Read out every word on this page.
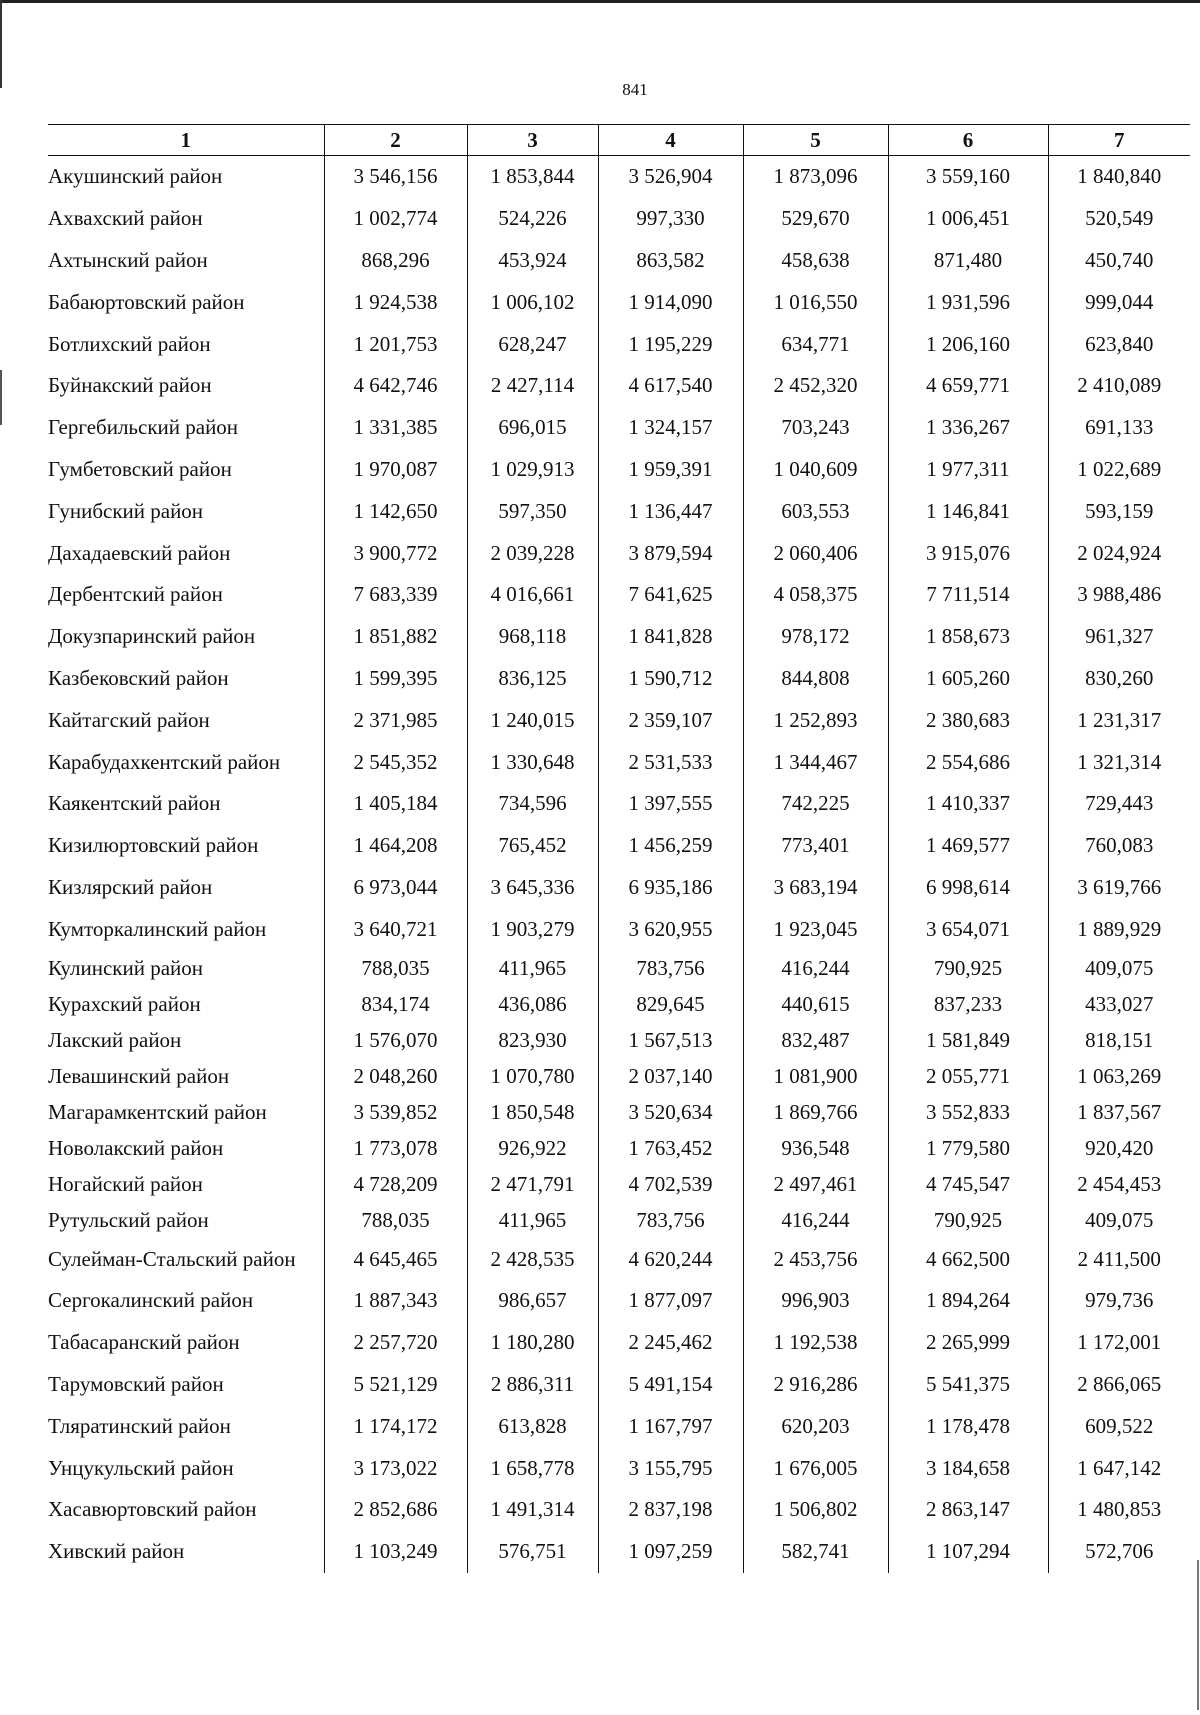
841
1	2	3	4	5	6	7
Акушинский район	3 546,156	1 853,844	3 526,904	1 873,096	3 559,160	1 840,840
Ахвахский район	1 002,774	524,226	997,330	529,670	1 006,451	520,549
Ахтынский район	868,296	453,924	863,582	458,638	871,480	450,740
Бабаюртовский район	1 924,538	1 006,102	1 914,090	1 016,550	1 931,596	999,044
Ботлихский район	1 201,753	628,247	1 195,229	634,771	1 206,160	623,840
Буйнакский район	4 642,746	2 427,114	4 617,540	2 452,320	4 659,771	2 410,089
Гергебильский район	1 331,385	696,015	1 324,157	703,243	1 336,267	691,133
Гумбетовский район	1 970,087	1 029,913	1 959,391	1 040,609	1 977,311	1 022,689
Гунибский район	1 142,650	597,350	1 136,447	603,553	1 146,841	593,159
Дахадаевский район	3 900,772	2 039,228	3 879,594	2 060,406	3 915,076	2 024,924
Дербентский район	7 683,339	4 016,661	7 641,625	4 058,375	7 711,514	3 988,486
Докузпаринский район	1 851,882	968,118	1 841,828	978,172	1 858,673	961,327
Казбековский район	1 599,395	836,125	1 590,712	844,808	1 605,260	830,260
Кайтагский район	2 371,985	1 240,015	2 359,107	1 252,893	2 380,683	1 231,317
Карабудахкентский район	2 545,352	1 330,648	2 531,533	1 344,467	2 554,686	1 321,314
Каякентский район	1 405,184	734,596	1 397,555	742,225	1 410,337	729,443
Кизилюртовский район	1 464,208	765,452	1 456,259	773,401	1 469,577	760,083
Кизлярский район	6 973,044	3 645,336	6 935,186	3 683,194	6 998,614	3 619,766
Кумторкалинский район	3 640,721	1 903,279	3 620,955	1 923,045	3 654,071	1 889,929
Кулинский район	788,035	411,965	783,756	416,244	790,925	409,075
Курахский район	834,174	436,086	829,645	440,615	837,233	433,027
Лакский район	1 576,070	823,930	1 567,513	832,487	1 581,849	818,151
Левашинский район	2 048,260	1 070,780	2 037,140	1 081,900	2 055,771	1 063,269
Магарамкентский район	3 539,852	1 850,548	3 520,634	1 869,766	3 552,833	1 837,567
Новолакский район	1 773,078	926,922	1 763,452	936,548	1 779,580	920,420
Ногайский район	4 728,209	2 471,791	4 702,539	2 497,461	4 745,547	2 454,453
Рутульский район	788,035	411,965	783,756	416,244	790,925	409,075
Сулейман-Стальский район	4 645,465	2 428,535	4 620,244	2 453,756	4 662,500	2 411,500
Сергокалинский район	1 887,343	986,657	1 877,097	996,903	1 894,264	979,736
Табасаранский район	2 257,720	1 180,280	2 245,462	1 192,538	2 265,999	1 172,001
Тарумовский район	5 521,129	2 886,311	5 491,154	2 916,286	5 541,375	2 866,065
Тляратинский район	1 174,172	613,828	1 167,797	620,203	1 178,478	609,522
Унцукульский район	3 173,022	1 658,778	3 155,795	1 676,005	3 184,658	1 647,142
Хасавюртовский район	2 852,686	1 491,314	2 837,198	1 506,802	2 863,147	1 480,853
Хивский район	1 103,249	576,751	1 097,259	582,741	1 107,294	572,706
